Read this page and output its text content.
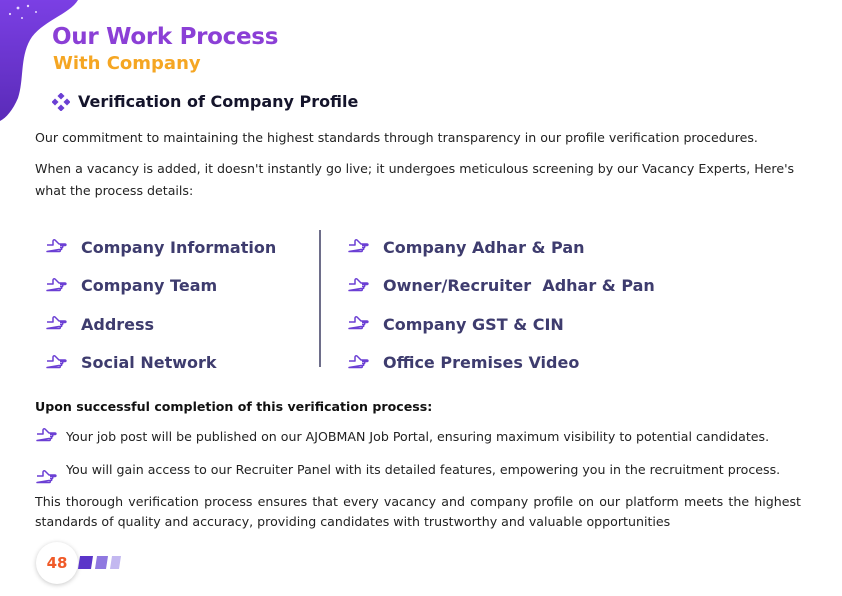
Our Work Process
With Company
Verification of Company Profile

Our commitment to maintaining the highest standards through transparency in our profile verification procedures.

When a vacancy is added, it doesn't instantly go live; it undergoes meticulous screening by our Vacancy Experts, Here's what the process details:

Company Information
Company Team
Address
Social Network
Company Adhar & Pan
Owner/Recruiter  Adhar & Pan
Company GST & CIN
Office Premises Video

Upon successful completion of this verification process:

Your job post will be published on our AJOBMAN Job Portal, ensuring maximum visibility to potential candidates.
You will gain access to our Recruiter Panel with its detailed features, empowering you in the recruitment process.

This thorough verification process ensures that every vacancy and company profile on our platform meets the highest standards of quality and accuracy, providing candidates with trustworthy and valuable opportunities

48
